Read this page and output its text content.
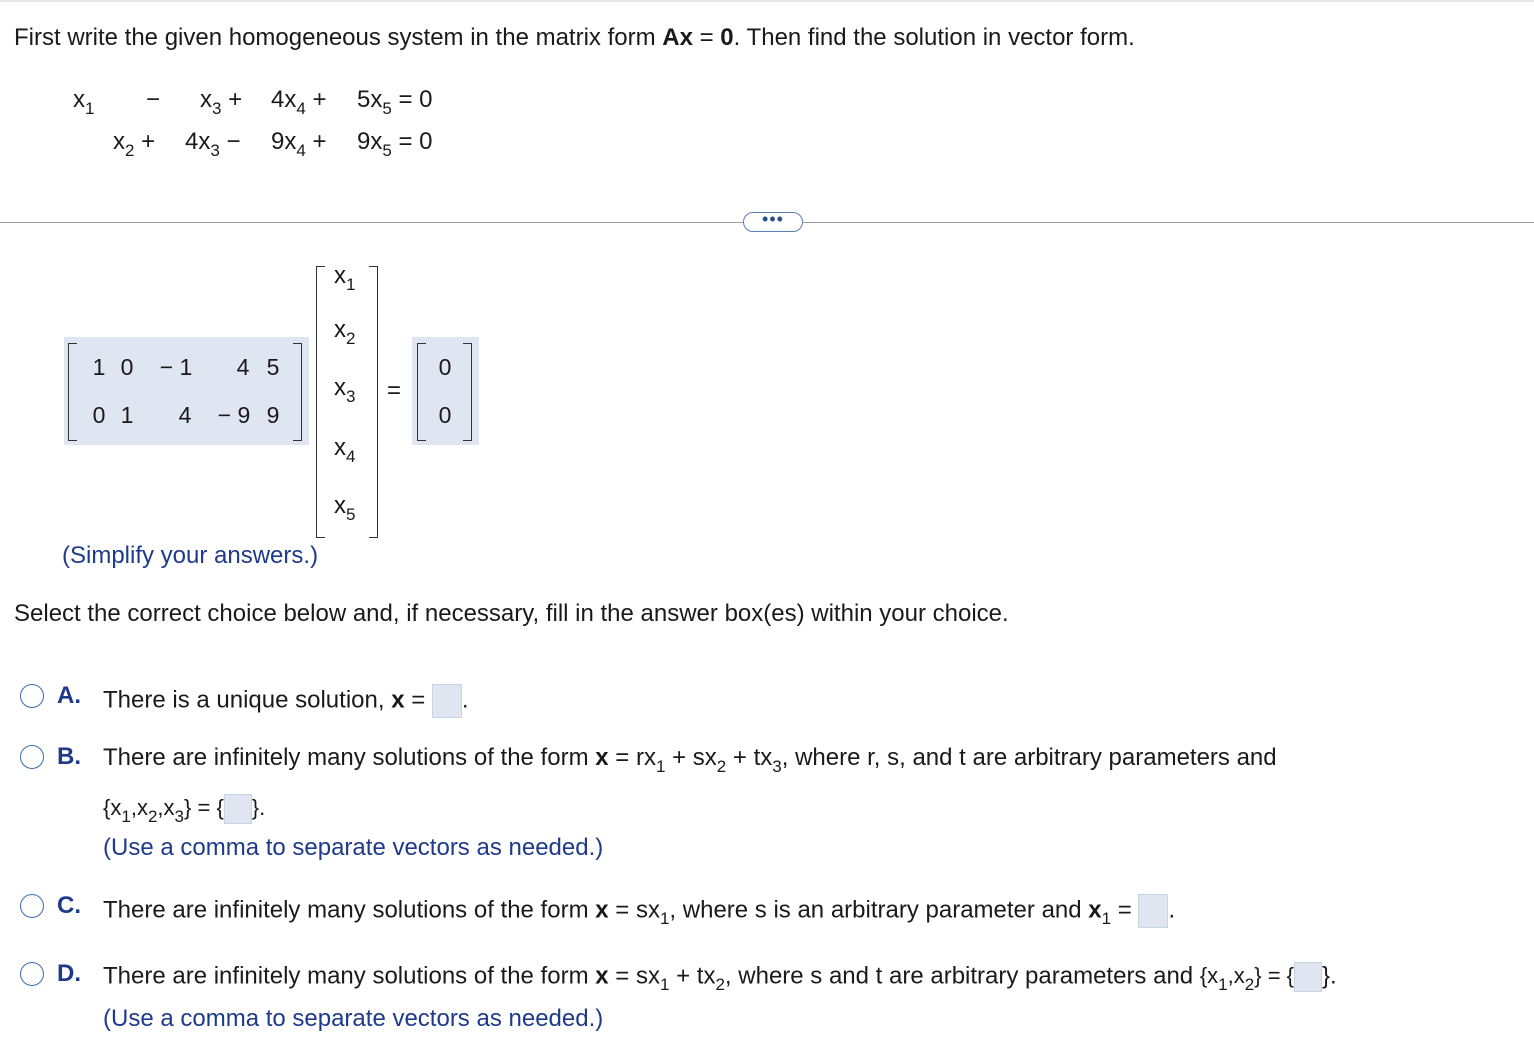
First write the given homogeneous system in the matrix form Ax = 0. Then find the solution in vector form.
$x_1 - x_3 + 4x_4 + 5x_5 = 0$
$x_2 + 4x_3 - 9x_4 + 9x_5 = 0$
•••
1 0 − 1 4 5
0 1 4 − 9 9
$x_1$
$x_2$
$x_3$
$x_4$
$x_5$
=
0
0
(Simplify your answers.)
Select the correct choice below and, if necessary, fill in the answer box(es) within your choice.
A. There is a unique solution, x = .
B. There are infinitely many solutions of the form $x = rx_1 + sx_2 + tx_3$, where r, s, and t are arbitrary parameters and
$\{x_1,x_2,x_3\}$ = { }.
(Use a comma to separate vectors as needed.)
C. There are infinitely many solutions of the form $x = sx_1$, where s is an arbitrary parameter and $x_1$ = .
D. There are infinitely many solutions of the form $x = sx_1 + tx_2$, where s and t are arbitrary parameters and $\{x_1,x_2\}$ = { }.
(Use a comma to separate vectors as needed.)
